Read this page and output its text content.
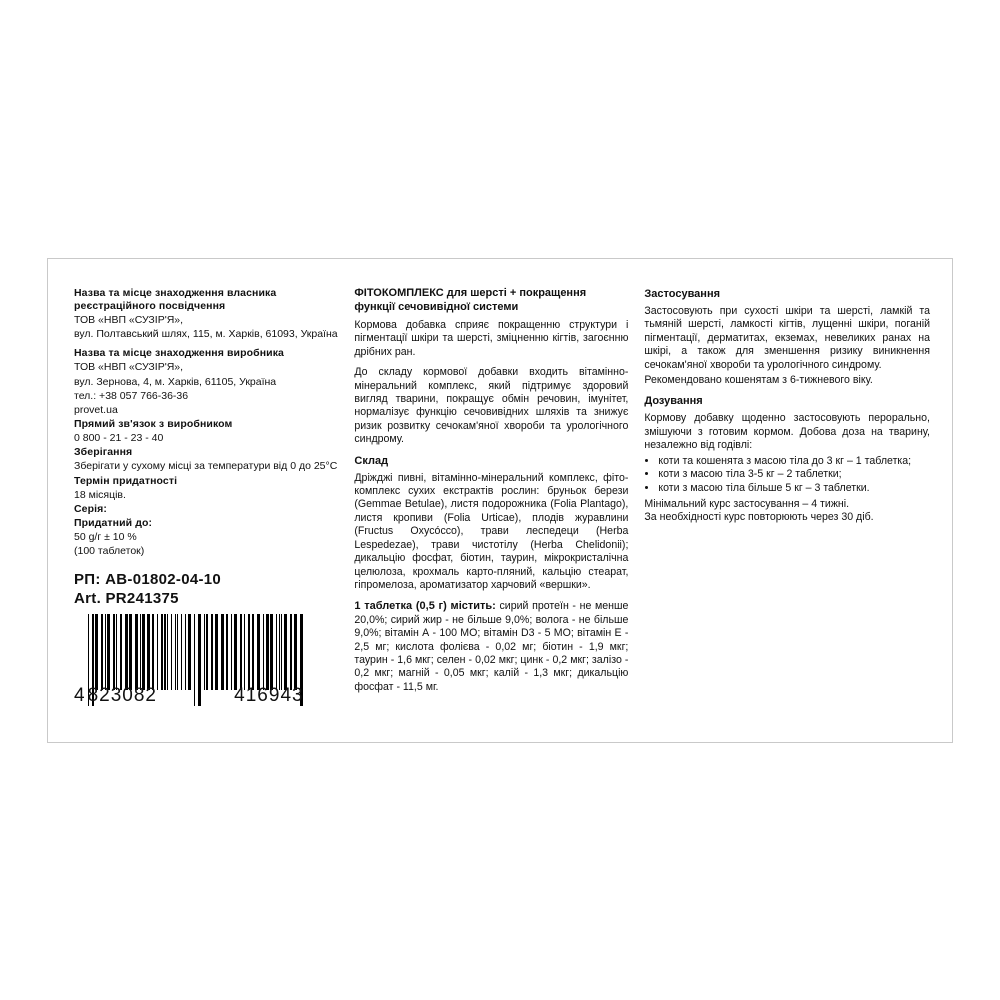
Назва та місце знаходження власника реєстраційного посвідчення
ТОВ «НВП «СУЗІР'Я»,
вул. Полтавський шлях, 115, м. Харків, 61093, Україна
Назва та місце знаходження виробника
ТОВ «НВП «СУЗІР'Я»,
вул. Зернова, 4, м. Харків, 61105, Україна
тел.: +38 057 766-36-36
provet.ua
Прямий зв'язок з виробником
0 800 - 21 - 23 - 40
Зберігання
Зберігати у сухому місці за температури від 0 до 25°С
Термін придатності
18 місяців.
Серія:
Придатний до:
50 g/г ± 10 %
(100 таблеток)
РП: АВ-01802-04-10
Art. PR241375
4 823082	416943
ФІТОКОМПЛЕКС для шерсті + покращення функції сечовивідної системи
Кормова добавка сприяє покращенню структури і пігментації шкіри та шерсті, зміцненню кігтів, загоєнню дрібних ран.
До складу кормової добавки входить вітамінно-мінеральний комплекс, який підтримує здоровий вигляд тварини, покращує обмін речовин, імунітет, нормалізує функцію сечовивідних шляхів та знижує ризик розвитку сечокам'яної хвороби та урологічного синдрому.
Склад
Дріжджі пивні, вітамінно-мінеральний комплекс, фіто-комплекс сухих екстрактів рослин: бруньок берези (Gemmae Betulae), листя подорожника (Folia Plantago), листя кропиви (Folia Urticae), плодів журавлини (Fructus Oxycócco), трави леспедеци (Herba Lespedezae), трави чистотілу (Herba Chelidonii); дикальцію фосфат, біотин, таурин, мікрокристалічна целюлоза, крохмаль карто-пляний, кальцію стеарат, гіпромелоза, ароматизатор харчовий «вершки».
1 таблетка (0,5 г) містить: сирий протеїн - не менше 20,0%; сирий жир - не більше 9,0%; волога - не більше 9,0%; вітамін А - 100 МО; вітамін D3 - 5 МО; вітамін Е - 2,5 мг; кислота фолієва - 0,02 мг; біотин - 1,9 мкг; таурин - 1,6 мкг; селен - 0,02 мкг; цинк - 0,2 мкг; залізо - 0,2 мкг; магній - 0,05 мкг; калій - 1,3 мкг; дикальцію фосфат - 11,5 мг.
Застосування
Застосовують при сухості шкіри та шерсті, ламкій та тьмяній шерсті, ламкості кігтів, лущенні шкіри, поганій пігментації, дерматитах, екземах, невеликих ранах на шкірі, а також для зменшення ризику виникнення сечокам'яної хвороби та урологічного синдрому.
Рекомендовано кошенятам з 6-тижневого віку.
Дозування
Кормову добавку щоденно застосовують перорально, змішуючи з готовим кормом. Добова доза на тварину, незалежно від годівлі:
• коти та кошенята з масою тіла до 3 кг – 1 таблетка;
• коти з масою тіла 3-5 кг – 2 таблетки;
• коти з масою тіла більше 5 кг – 3 таблетки.
Мінімальний курс застосування – 4 тижні.
За необхідності курс повторюють через 30 діб.
